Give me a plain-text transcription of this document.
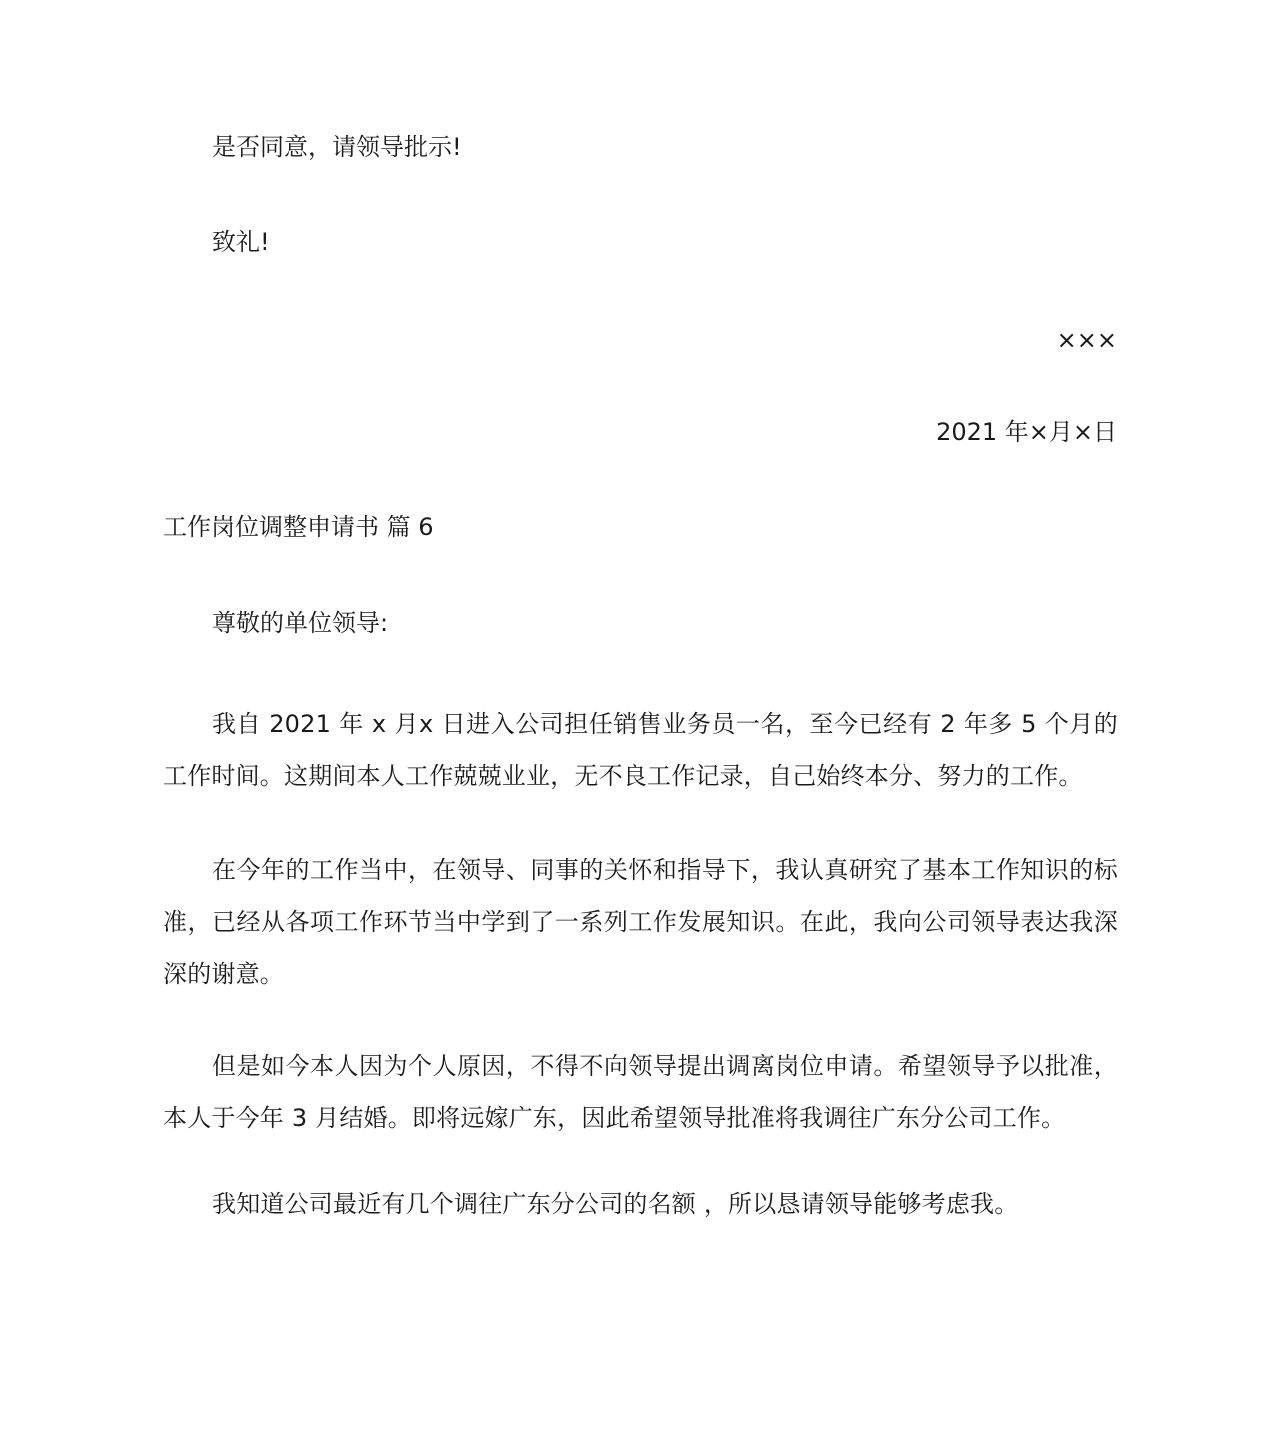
是否同意，请领导批示!

致礼!

×××

2021 年×月×日

工作岗位调整申请书 篇 6

尊敬的单位领导:

我自 2021 年 x 月x 日进入公司担任销售业务员一名，至今已经有 2 年多 5 个月的工作时间。这期间本人工作兢兢业业，无不良工作记录，自己始终本分、努力的工作。

在今年的工作当中，在领导、同事的关怀和指导下，我认真研究了基本工作知识的标准，已经从各项工作环节当中学到了一系列工作发展知识。在此，我向公司领导表达我深深的谢意。

但是如今本人因为个人原因，不得不向领导提出调离岗位申请。希望领导予以批准，本人于今年 3 月结婚。即将远嫁广东，因此希望领导批准将我调往广东分公司工作。

我知道公司最近有几个调往广东分公司的名额 ，所以恳请领导能够考虑我。
